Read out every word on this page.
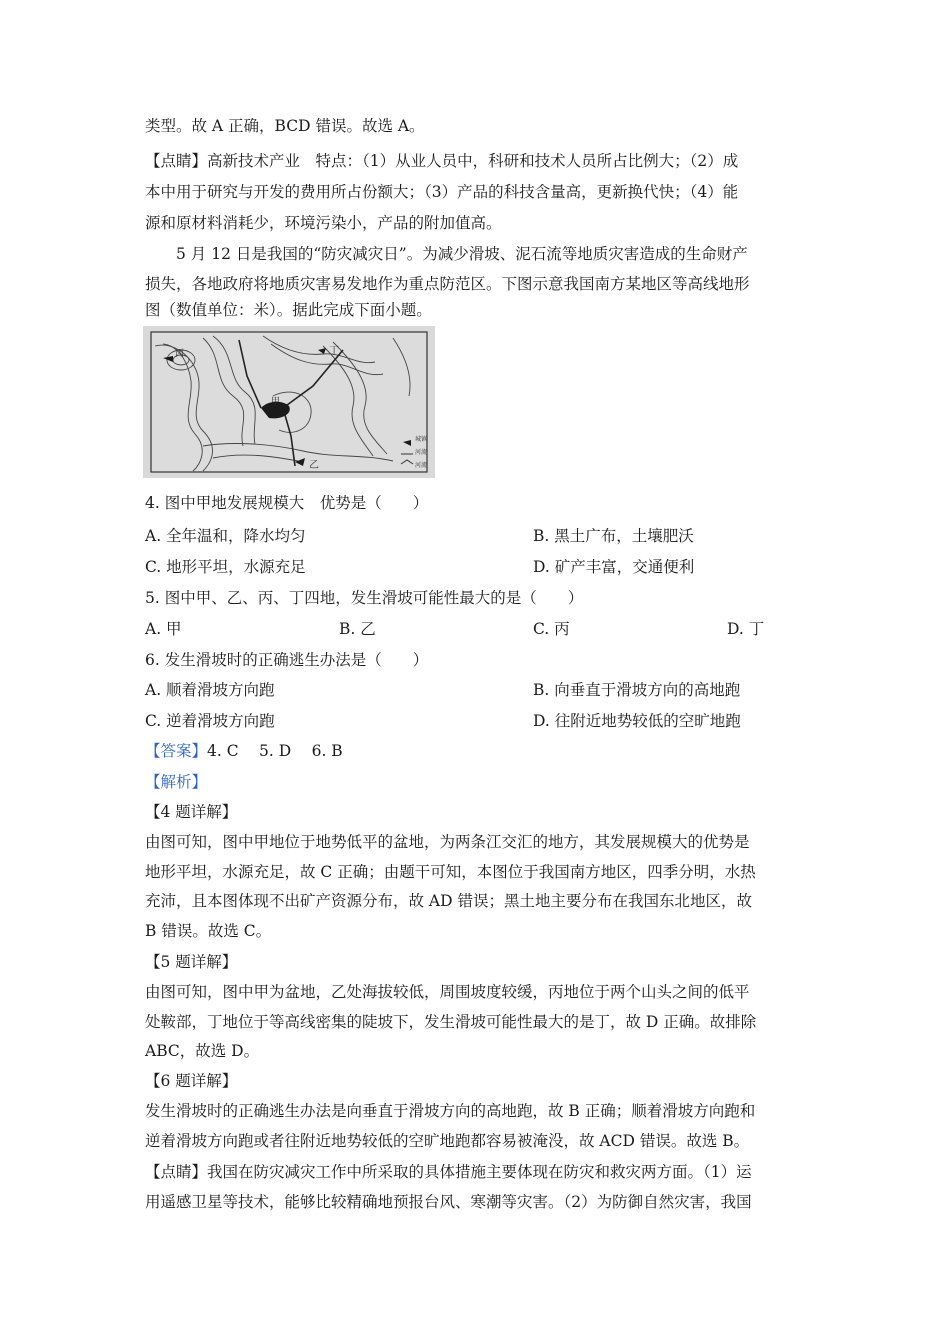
类型。故 A 正确，BCD 错误。故选 A。
【点睛】高新技术产业　特点：（1）从业人员中，科研和技术人员所占比例大；（2）成
本中用于研究与开发的费用所占份额大；（3）产品的科技含量高，更新换代快；（4）能
源和原材料消耗少，环境污染小，产品的附加值高。
5 月 12 日是我国的“防灾减灾日”。为减少滑坡、泥石流等地质灾害造成的生命财产
损失，各地政府将地质灾害易发地作为重点防范区。下图示意我国南方某地区等高线地形
图（数值单位：米）。据此完成下面小题。
甲
丙	丁
乙
城镇
河流
河流
4. 图中甲地发展规模大　优势是（　　）
A. 全年温和，降水均匀	B. 黑土广布，土壤肥沃
C. 地形平坦，水源充足	D. 矿产丰富，交通便利
5. 图中甲、乙、丙、丁四地，发生滑坡可能性最大的是（　　）
A. 甲	B. 乙	C. 丙	D. 丁
6. 发生滑坡时的正确逃生办法是（　　）
A. 顺着滑坡方向跑	B. 向垂直于滑坡方向的高地跑
C. 逆着滑坡方向跑	D. 往附近地势较低的空旷地跑
【答案】4. C　 5. D　 6. B
【解析】
【4 题详解】
由图可知，图中甲地位于地势低平的盆地，为两条江交汇的地方，其发展规模大的优势是
地形平坦，水源充足，故 C 正确；由题干可知，本图位于我国南方地区，四季分明，水热
充沛，且本图体现不出矿产资源分布，故 AD 错误；黑土地主要分布在我国东北地区，故
B 错误。故选 C。
【5 题详解】
由图可知，图中甲为盆地，乙处海拔较低，周围坡度较缓，丙地位于两个山头之间的低平
处鞍部，丁地位于等高线密集的陡坡下，发生滑坡可能性最大的是丁，故 D 正确。故排除
ABC，故选 D。
【6 题详解】
发生滑坡时的正确逃生办法是向垂直于滑坡方向的高地跑，故 B 正确；顺着滑坡方向跑和
逆着滑坡方向跑或者往附近地势较低的空旷地跑都容易被淹没，故 ACD 错误。故选 B。
【点睛】我国在防灾减灾工作中所采取的具体措施主要体现在防灾和救灾两方面。（1）运
用遥感卫星等技术，能够比较精确地预报台风、寒潮等灾害。（2）为防御自然灾害，我国
